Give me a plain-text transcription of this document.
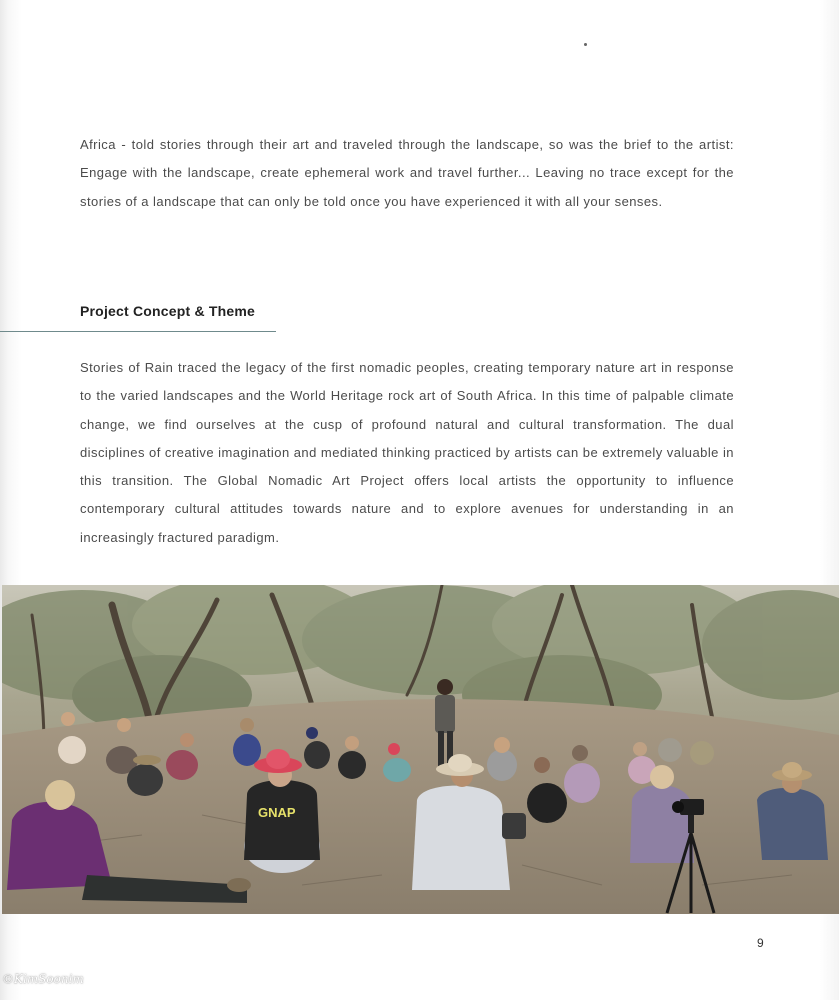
Africa - told stories through their art and traveled through the landscape, so was the brief to the artist: Engage with the landscape, create ephemeral work and travel further... Leaving no trace except for the stories of a landscape that can only be told once you have experienced it with all your senses.

Project Concept & Theme

Stories of Rain traced the legacy of the first nomadic peoples, creating temporary nature art in response to the varied landscapes and the World Heritage rock art of South Africa. In this time of palpable climate change, we find ourselves at the cusp of profound natural and cultural transformation. The dual disciplines of creative imagination and mediated thinking practiced by artists can be extremely valuable in this transition. The Global Nomadic Art Project offers local artists the opportunity to influence contemporary cultural attitudes towards nature and to explore avenues for understanding in an increasingly fractured paradigm.

GNAP
9
©KimSoonim
